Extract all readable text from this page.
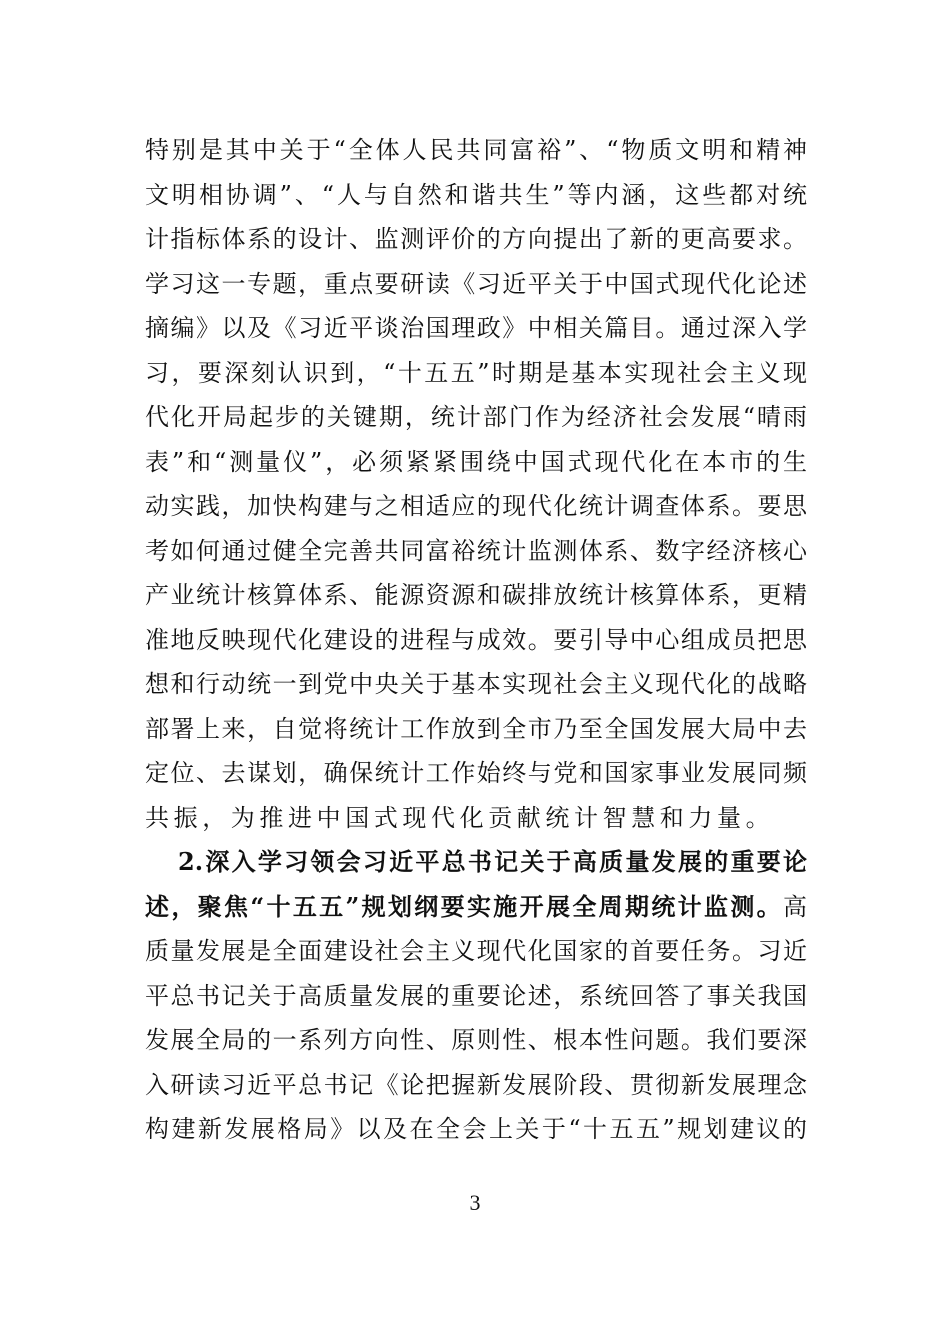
特别是其中关于“全体人民共同富裕”、“物质文明和精神
文明相协调”、“人与自然和谐共生”等内涵，这些都对统
计指标体系的设计、监测评价的方向提出了新的更高要求。
学习这一专题，重点要研读《习近平关于中国式现代化论述
摘编》以及《习近平谈治国理政》中相关篇目。通过深入学
习，要深刻认识到，“十五五”时期是基本实现社会主义现
代化开局起步的关键期，统计部门作为经济社会发展“晴雨
表”和“测量仪”，必须紧紧围绕中国式现代化在本市的生
动实践，加快构建与之相适应的现代化统计调查体系。要思
考如何通过健全完善共同富裕统计监测体系、数字经济核心
产业统计核算体系、能源资源和碳排放统计核算体系，更精
准地反映现代化建设的进程与成效。要引导中心组成员把思
想和行动统一到党中央关于基本实现社会主义现代化的战略
部署上来，自觉将统计工作放到全市乃至全国发展大局中去
定位、去谋划，确保统计工作始终与党和国家事业发展同频
共振，为推进中国式现代化贡献统计智慧和力量。
2.深入学习领会习近平总书记关于高质量发展的重要论
述，聚焦“十五五”规划纲要实施开展全周期统计监测。高
质量发展是全面建设社会主义现代化国家的首要任务。习近
平总书记关于高质量发展的重要论述，系统回答了事关我国
发展全局的一系列方向性、原则性、根本性问题。我们要深
入研读习近平总书记《论把握新发展阶段、贯彻新发展理念
构建新发展格局》以及在全会上关于“十五五”规划建议的
3
